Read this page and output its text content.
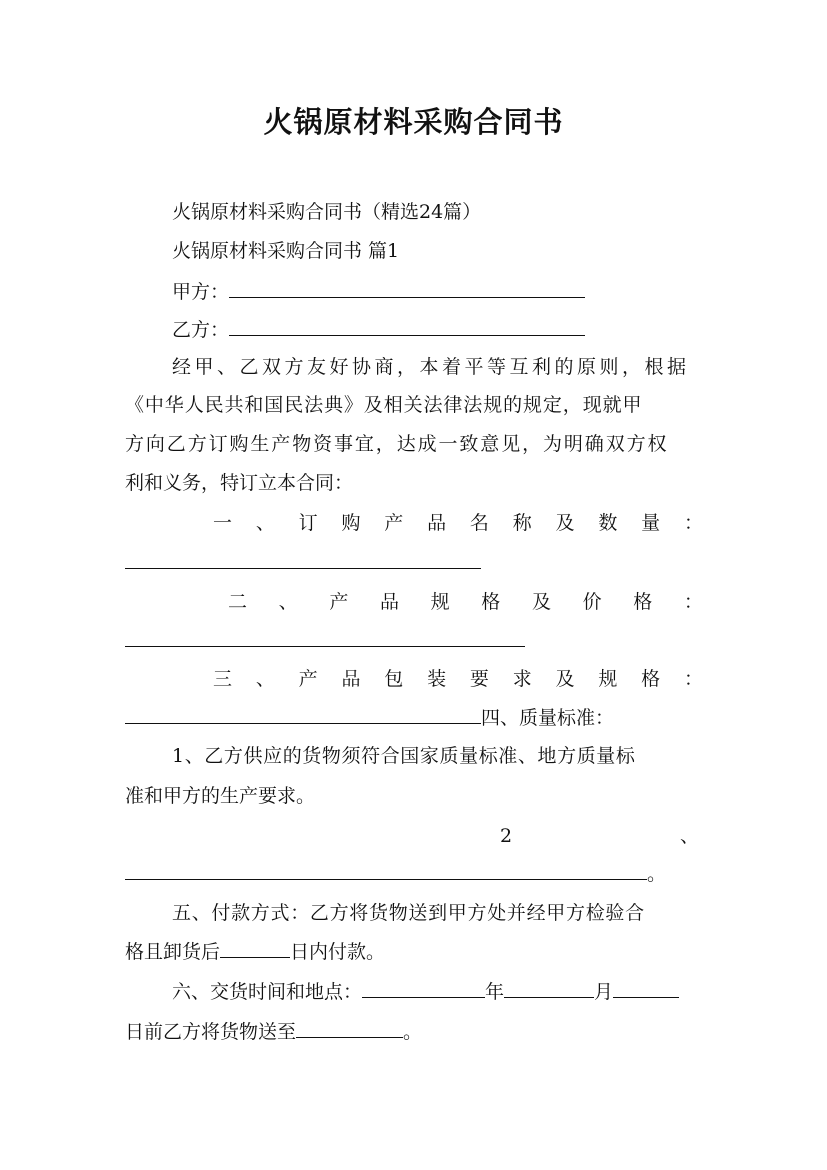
火锅原材料采购合同书
火锅原材料采购合同书（精选24篇）
火锅原材料采购合同书 篇1
甲方：
乙方：
经甲、乙双方友好协商，本着平等互利的原则，根据
《中华人民共和国民法典》及相关法律法规的规定，现就甲
方向乙方订购生产物资事宜，达成一致意见，为明确双方权
利和义务，特订立本合同：
一 、 订 购 产 品 名 称 及 数 量 ：
二 、 产 品 规 格 及 价 格 ：
三 、 产 品 包 装 要 求 及 规 格 ：
四、质量标准：
1、乙方供应的货物须符合国家质量标准、地方质量标
准和甲方的生产要求。
2	、
。
五、付款方式：乙方将货物送到甲方处并经甲方检验合
格且卸货后	日内付款。
六、交货时间和地点：	年	月
日前乙方将货物送至	。
